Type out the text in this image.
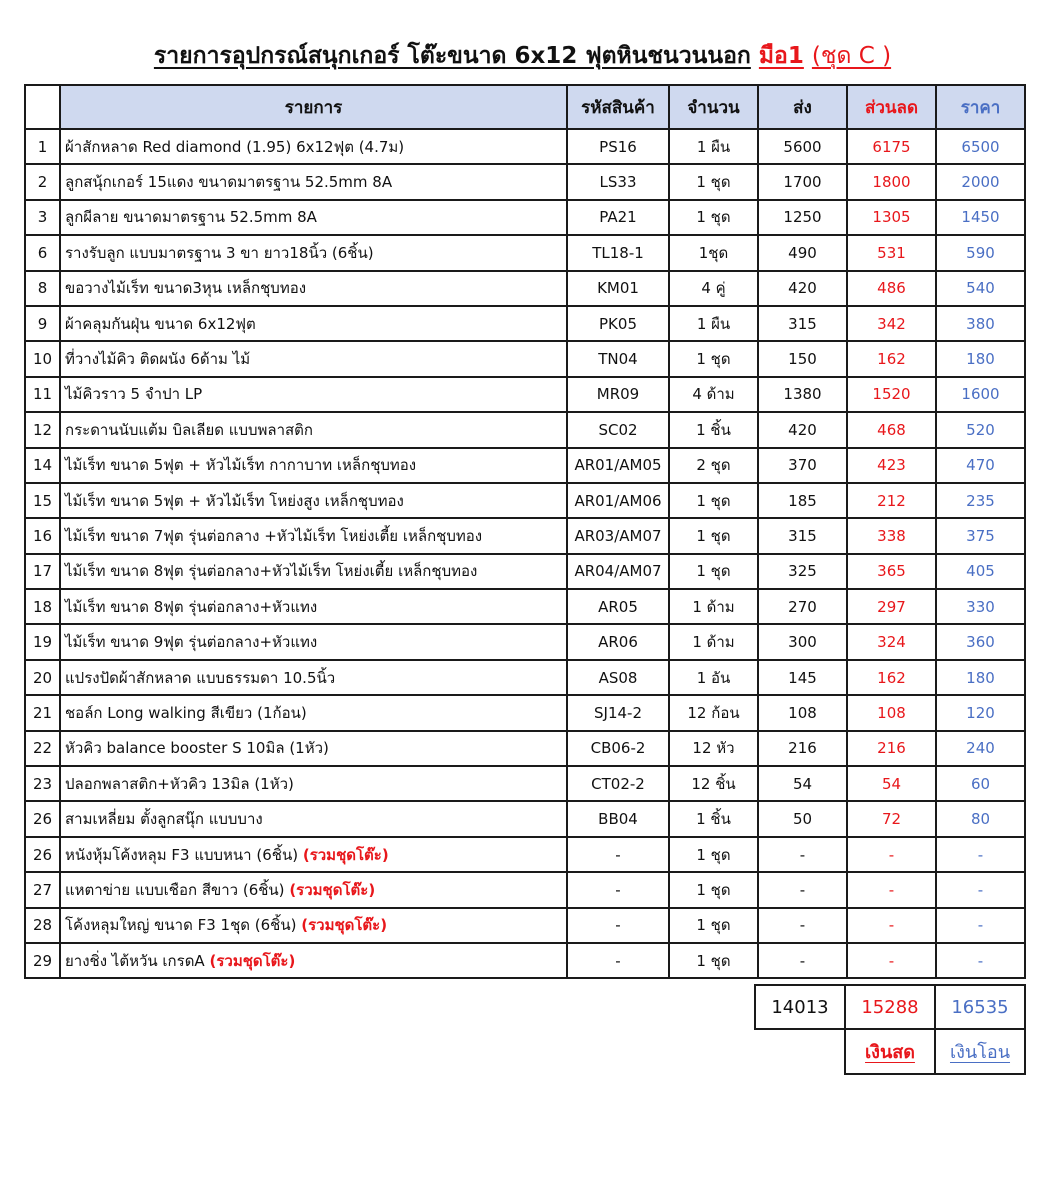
รายการอุปกรณ์สนุกเกอร์ โต๊ะขนาด 6x12 ฟุตหินชนวนนอก มือ1 (ชุด C )
	รายการ	รหัสสินค้า	จำนวน	ส่ง	ส่วนลด	ราคา
1	ผ้าสักหลาด Red diamond (1.95) 6x12ฟุต (4.7ม)	PS16	1 ผืน	5600	6175	6500
2	ลูกสนุ้กเกอร์ 15แดง ขนาดมาตรฐาน 52.5mm 8A	LS33	1 ชุด	1700	1800	2000
3	ลูกผีลาย ขนาดมาตรฐาน 52.5mm 8A	PA21	1 ชุด	1250	1305	1450
6	รางรับลูก แบบมาตรฐาน 3 ขา ยาว18นิ้ว (6ชิ้น)	TL18-1	1ชุด	490	531	590
8	ขอวางไม้เร็ท ขนาด3หุน เหล็กชุบทอง	KM01	4 คู่	420	486	540
9	ผ้าคลุมกันฝุ่น ขนาด 6x12ฟุต	PK05	1 ผืน	315	342	380
10	ที่วางไม้คิว ติดผนัง 6ด้าม ไม้	TN04	1 ชุด	150	162	180
11	ไม้คิวราว 5 จำปา LP	MR09	4 ด้าม	1380	1520	1600
12	กระดานนับแต้ม บิลเลียด แบบพลาสติก	SC02	1 ชิ้น	420	468	520
14	ไม้เร็ท ขนาด 5ฟุต + หัวไม้เร็ท กากาบาท เหล็กชุบทอง	AR01/AM05	2 ชุด	370	423	470
15	ไม้เร็ท ขนาด 5ฟุต + หัวไม้เร็ท โหย่งสูง เหล็กชุบทอง	AR01/AM06	1 ชุด	185	212	235
16	ไม้เร็ท ขนาด 7ฟุต รุ่นต่อกลาง +หัวไม้เร็ท โหย่งเตี้ย เหล็กชุบทอง	AR03/AM07	1 ชุด	315	338	375
17	ไม้เร็ท ขนาด 8ฟุต รุ่นต่อกลาง+หัวไม้เร็ท โหย่งเตี้ย เหล็กชุบทอง	AR04/AM07	1 ชุด	325	365	405
18	ไม้เร็ท ขนาด 8ฟุต รุ่นต่อกลาง+หัวแทง	AR05	1 ด้าม	270	297	330
19	ไม้เร็ท ขนาด 9ฟุต รุ่นต่อกลาง+หัวแทง	AR06	1 ด้าม	300	324	360
20	แปรงปัดผ้าสักหลาด แบบธรรมดา 10.5นิ้ว	AS08	1 อัน	145	162	180
21	ชอล์ก Long walking สีเขียว (1ก้อน)	SJ14-2	12 ก้อน	108	108	120
22	หัวคิว balance booster S 10มิล (1หัว)	CB06-2	12 หัว	216	216	240
23	ปลอกพลาสติก+หัวคิว 13มิล (1หัว)	CT02-2	12 ชิ้น	54	54	60
26	สามเหลี่ยม ตั้งลูกสนุ๊ก แบบบาง	BB04	1 ชิ้น	50	72	80
26	หนังหุ้มโค้งหลุม F3 แบบหนา (6ชิ้น) (รวมชุดโต๊ะ)	-	1 ชุด	-	-	-
27	แหตาข่าย แบบเชือก สีขาว (6ชิ้น) (รวมชุดโต๊ะ)	-	1 ชุด	-	-	-
28	โค้งหลุมใหญ่ ขนาด F3 1ชุด (6ชิ้น) (รวมชุดโต๊ะ)	-	1 ชุด	-	-	-
29	ยางชิ่ง ไต้หวัน เกรดA (รวมชุดโต๊ะ)	-	1 ชุด	-	-	-
14013	15288	16535
	เงินสด	เงินโอน
